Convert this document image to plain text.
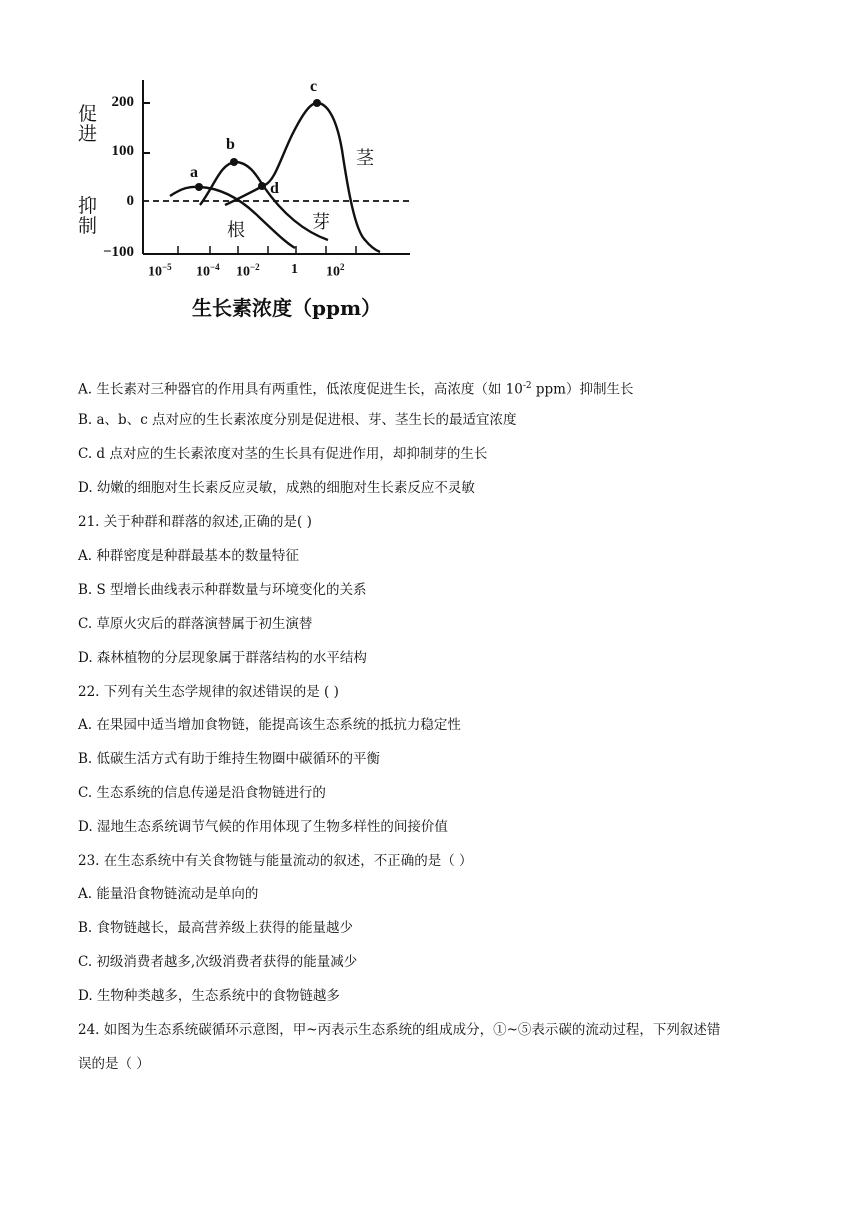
促进
抑制
200
100
0
−100
$10^{-5}$ $10^{-4}$ $10^{-2}$ 1 $10^2$
a
b
c
d
根	芽
茎
生长素浓度（ppm）
A. 生长素对三种器官的作用具有两重性，低浓度促进生长，高浓度（如 $10^{-2}$ ppm）抑制生长
B. a、b、c 点对应的生长素浓度分别是促进根、芽、茎生长的最适宜浓度
C. d 点对应的生长素浓度对茎的生长具有促进作用，却抑制芽的生长
D. 幼嫩的细胞对生长素反应灵敏，成熟的细胞对生长素反应不灵敏
21. 关于种群和群落的叙述,正确的是( )
A. 种群密度是种群最基本的数量特征
B. S 型增长曲线表示种群数量与环境变化的关系
C. 草原火灾后的群落演替属于初生演替
D. 森林植物的分层现象属于群落结构的水平结构
22. 下列有关生态学规律的叙述错误的是 ( )
A. 在果园中适当增加食物链，能提高该生态系统的抵抗力稳定性
B. 低碳生活方式有助于维持生物圈中碳循环的平衡
C. 生态系统的信息传递是沿食物链进行的
D. 湿地生态系统调节气候的作用体现了生物多样性的间接价值
23. 在生态系统中有关食物链与能量流动的叙述，不正确的是（ ）
A. 能量沿食物链流动是单向的
B. 食物链越长，最高营养级上获得的能量越少
C. 初级消费者越多,次级消费者获得的能量减少
D. 生物种类越多，生态系统中的食物链越多
24. 如图为生态系统碳循环示意图，甲~丙表示生态系统的组成成分，①~⑤表示碳的流动过程，下列叙述错
误的是（ ）
